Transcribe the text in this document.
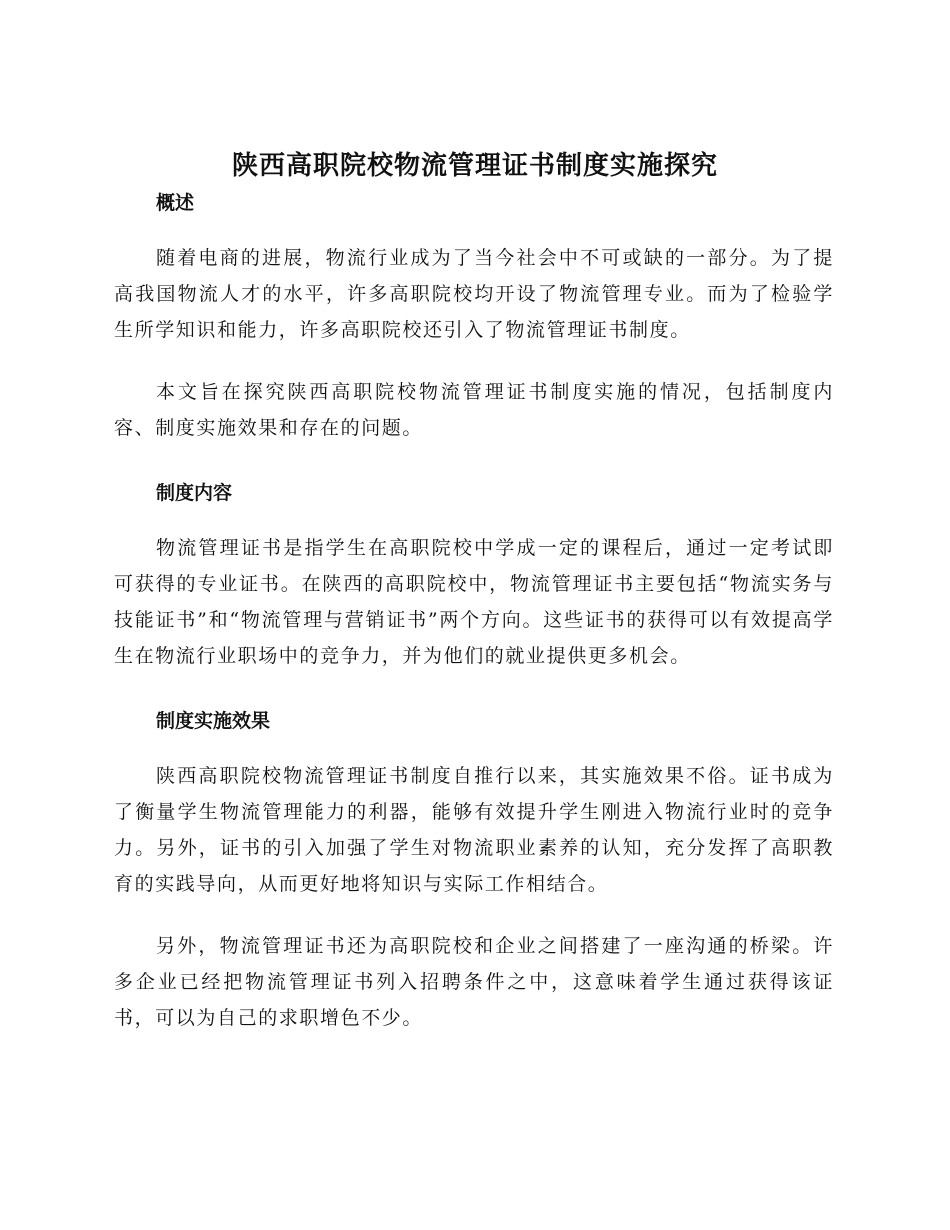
陕西高职院校物流管理证书制度实施探究
概述

随着电商的进展，物流行业成为了当今社会中不可或缺的一部分。为了提高我国物流人才的水平，许多高职院校均开设了物流管理专业。而为了检验学生所学知识和能力，许多高职院校还引入了物流管理证书制度。

本文旨在探究陕西高职院校物流管理证书制度实施的情况，包括制度内容、制度实施效果和存在的问题。

制度内容

物流管理证书是指学生在高职院校中学成一定的课程后，通过一定考试即可获得的专业证书。在陕西的高职院校中，物流管理证书主要包括“物流实务与技能证书”和“物流管理与营销证书”两个方向。这些证书的获得可以有效提高学生在物流行业职场中的竞争力，并为他们的就业提供更多机会。

制度实施效果

陕西高职院校物流管理证书制度自推行以来，其实施效果不俗。证书成为了衡量学生物流管理能力的利器，能够有效提升学生刚进入物流行业时的竞争力。另外，证书的引入加强了学生对物流职业素养的认知，充分发挥了高职教育的实践导向，从而更好地将知识与实际工作相结合。

另外，物流管理证书还为高职院校和企业之间搭建了一座沟通的桥梁。许多企业已经把物流管理证书列入招聘条件之中，这意味着学生通过获得该证书，可以为自己的求职增色不少。
